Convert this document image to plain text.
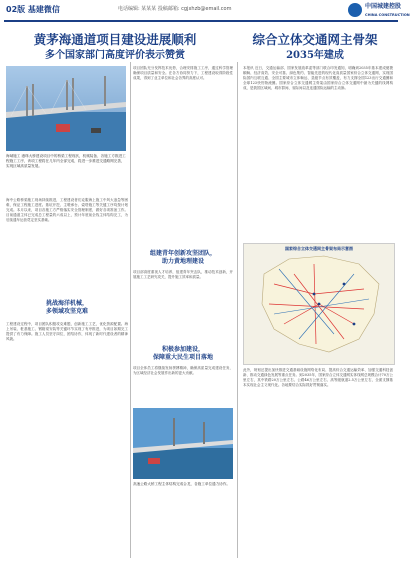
02版 基建微信	电话编辑: 某某某 投稿邮箱: cgjxhzb@email.com	中国城建控股
CHINA CONSTRUCTION
黄茅海通道项目建设进展顺利
多个国家部门高度评价表示赞赏
综合立体交通网主骨架
2035年建成
海域施工 港珠大桥建设项目中的桥梁工程现状，机械装备、各施工方推进工程施工工序，该项工程将在几年内全部完成，将进一步推进交通路网完善，实现区域高质量发展。
海中公路桥梁施工现场持续推进，工程建设者们克服海上施工中风大浪急等困难，保证工程施工进度。基坑开挖、主墩承台、索塔施工等关键工序均按计划完成。本月以来，项目各施工方严格落实安全管理制度，做好各项准备工作。目前通道主体已完成总工程量的六成以上，预计年底前全线主体结构完工，为后续通车运营奠定坚实基础。
挑战海洋机械，
多领域攻坚克难
工程建设过程中，项目团队积极攻克难题，创新施工工艺，优化资源配置。海上吊装、桩基施工、钢箱梁安装等关键环节实现了有序推进，为项目如期完工提供了有力保障。施工人员坚守岗位，团结协作，体现了新时代建设者的精神风貌。
项目团队充分发挥技术优势，合理安排施工工序，通过科学管理确保项目质量和安全。在各方协同努力下，工程建设取得阶段性成果，得到了业主单位和社会各界的高度认可。
组建青年创新攻坚团队，
助力黄地理建设
项目部高度重视人才培养，组建青年突击队，推动技术创新，开展施工工艺研究攻关，提升施工效率和质量。
积极参加建设，
保障重大民生项目落地
项目全体员工将继续发扬拼搏精神，确保高质量完成建设任务，为区域经济社会发展作出新的更大贡献。
高速公路大桥工程主体结构完成合龙，各施工单位通力协作。
本报讯 近日，交通运输部、国家发展改革委等部门联合印发通知，明确到2035年基本建成便捷顺畅、经济高效、安全可靠、绿色集约、智能先进的现代化高质量国家综合立体交通网，实现国际国内互联互通、全国主要城市立体畅达、县级节点有效覆盖，有力支撑全国123出行交通圈和全球123快货物流圈。国家综合立体交通网主骨架由国家综合立体交通网中最为关键的线网构成，是我国区域间、城市群间、省际间以及连通国际运输的主动脉。
国家综合立体交通网主骨架布局示意图
此外，规划还提出加快推进交通基础设施网络化布局、提高综合交通运输效率、加强交通科技创新、推动交通绿色发展等重点任务。到2035年，国家综合立体交通网实体线网总规模合计70万公里左右，其中铁路20万公里左右、公路46万公里左右、高等级航道2.5万公里左右，全面支撑基本实现社会主义现代化。各地要结合实际抓好贯彻落实。
